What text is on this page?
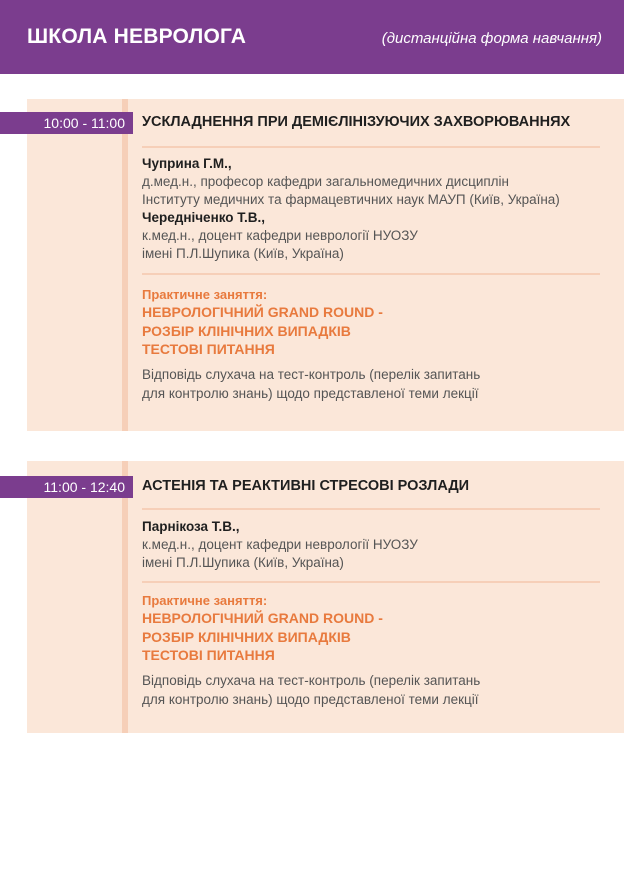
ШКОЛА НЕВРОЛОГА	(дистанційна форма навчання)
10:00 - 11:00	УСКЛАДНЕННЯ ПРИ ДЕМІЄЛІНІЗУЮЧИХ ЗАХВОРЮВАННЯХ
Чуприна Г.М.,
д.мед.н., професор кафедри загальномедичних дисциплін
Інституту медичних та фармацевтичних наук МАУП (Київ, Україна)
Чередніченко Т.В.,
к.мед.н., доцент кафедри неврології НУОЗУ
імені П.Л.Шупика (Київ, Україна)
Практичне заняття:
НЕВРОЛОГІЧНИЙ GRAND ROUND -
РОЗБІР КЛІНІЧНИХ ВИПАДКІВ
ТЕСТОВІ ПИТАННЯ
Відповідь слухача на тест-контроль (перелік запитань
для контролю знань) щодо представленої теми лекції
11:00 - 12:40	АСТЕНІЯ ТА РЕАКТИВНІ СТРЕСОВІ РОЗЛАДИ
Парнікоза Т.В.,
к.мед.н., доцент кафедри неврології НУОЗУ
імені П.Л.Шупика (Київ, Україна)
Практичне заняття:
НЕВРОЛОГІЧНИЙ GRAND ROUND -
РОЗБІР КЛІНІЧНИХ ВИПАДКІВ
ТЕСТОВІ ПИТАННЯ
Відповідь слухача на тест-контроль (перелік запитань
для контролю знань) щодо представленої теми лекції
